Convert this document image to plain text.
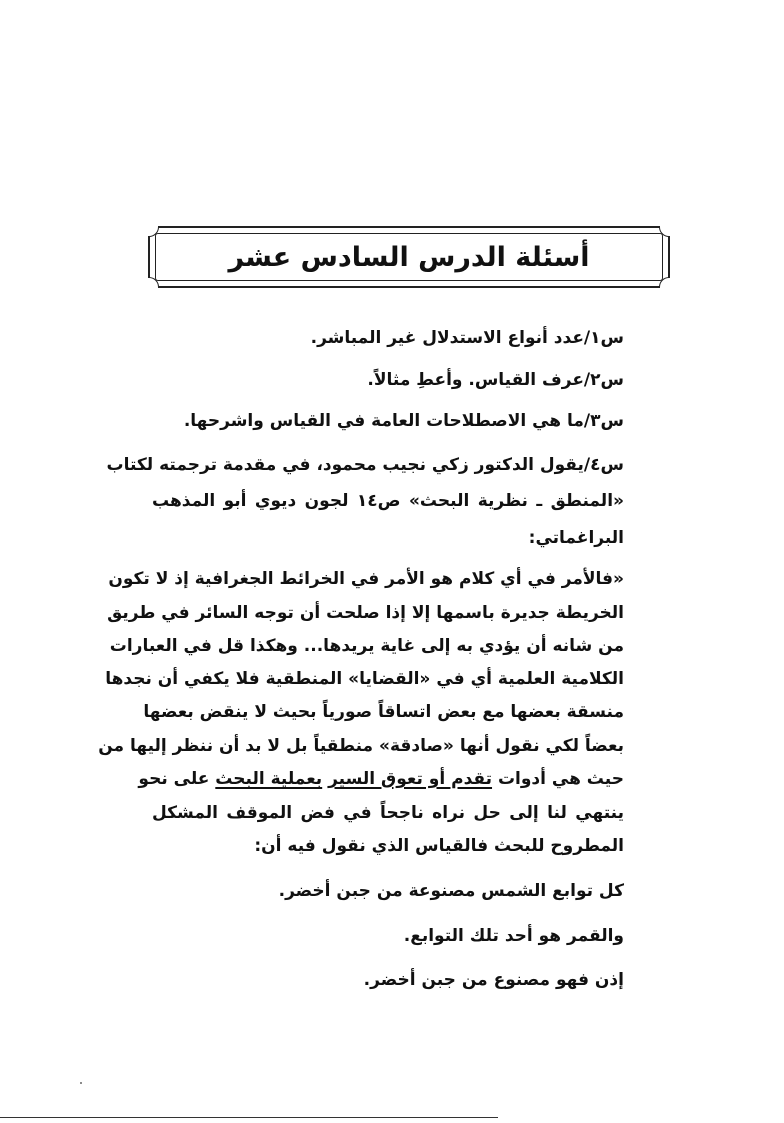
أسئلة الدرس السادس عشر
س١/عدد أنواع الاستدلال غير المباشر.
س٢/عرف القياس. وأعطِ مثالاً.
س٣/ما هي الاصطلاحات العامة في القياس واشرحها.
س٤/يقول الدكتور زكي نجيب محمود، في مقدمة ترجمته لكتاب
«المنطق ـ نظرية البحث» ص١٤ لجون ديوي أبو المذهب
البراغماتي:
«فالأمر في أي كلام هو الأمر في الخرائط الجغرافية إذ لا تكون
الخريطة جديرة باسمها إلا إذا صلحت أن توجه السائر في طريق
من شانه أن يؤدي به إلى غاية يريدها... وهكذا قل في العبارات
الكلامية العلمية أي في «القضايا» المنطقية فلا يكفي أن نجدها
منسقة بعضها مع بعض اتساقاً صورياً بحيث لا ينقض بعضها
بعضاً لكي نقول أنها «صادقة» منطقياً بل لا بد أن ننظر إليها من
حيث هي أدوات تقدم أو تعوق السير بعملية البحث على نحو
ينتهي لنا إلى حل نراه ناجحاً في فض الموقف المشكل
المطروح للبحث فالقياس الذي نقول فيه أن:
كل توابع الشمس مصنوعة من جبن أخضر.
والقمر هو أحد تلك التوابع.
إذن فهو مصنوع من جبن أخضر.
